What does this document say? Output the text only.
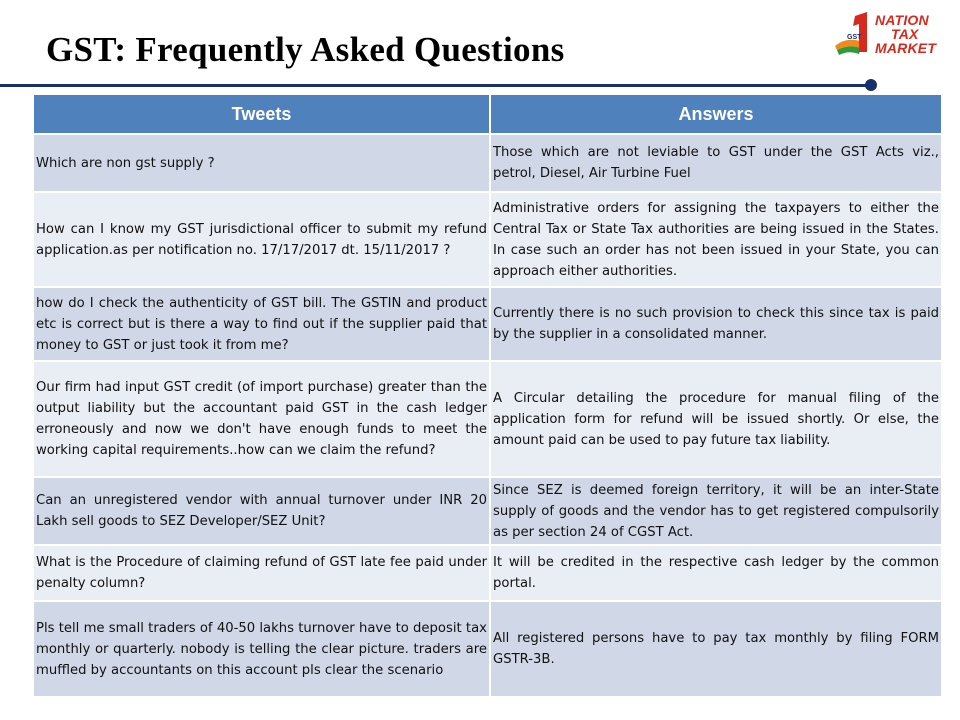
GST: Frequently Asked Questions	GST
NATION
TAX
MARKET
Tweets	Answers
Which are non gst supply ?	Those which are not leviable to GST under the GST Acts viz., petrol, Diesel, Air Turbine Fuel
How can I know my GST jurisdictional officer to submit my refund application.as per notification no. 17/17/2017 dt. 15/11/2017 ?	Administrative orders for assigning the taxpayers to either the Central Tax or State Tax authorities are being issued in the States. In case such an order has not been issued in your State, you can approach either authorities.
how do I check the authenticity of GST bill. The GSTIN and product etc is correct but is there a way to find out if the supplier paid that money to GST or just took it from me?	Currently there is no such provision to check this since tax is paid by the supplier in a consolidated manner.
Our firm had input GST credit (of import purchase) greater than the output liability but the accountant paid GST in the cash ledger erroneously and now we don't have enough funds to meet the working capital requirements..how can we claim the refund?	A Circular detailing the procedure for manual filing of the application form for refund will be issued shortly. Or else, the amount paid can be used to pay future tax liability.
Can an unregistered vendor with annual turnover under INR 20 Lakh sell goods to SEZ Developer/SEZ Unit?	Since SEZ is deemed foreign territory, it will be an inter-State supply of goods and the vendor has to get registered compulsorily as per section 24 of CGST Act.
What is the Procedure of claiming refund of GST late fee paid under penalty column?	It will be credited in the respective cash ledger by the common portal.
Pls tell me small traders of 40-50 lakhs turnover have to deposit tax monthly or quarterly. nobody is telling the clear picture. traders are muffled by accountants on this account pls clear the scenario	All registered persons have to pay tax monthly by filing FORM GSTR-3B.
